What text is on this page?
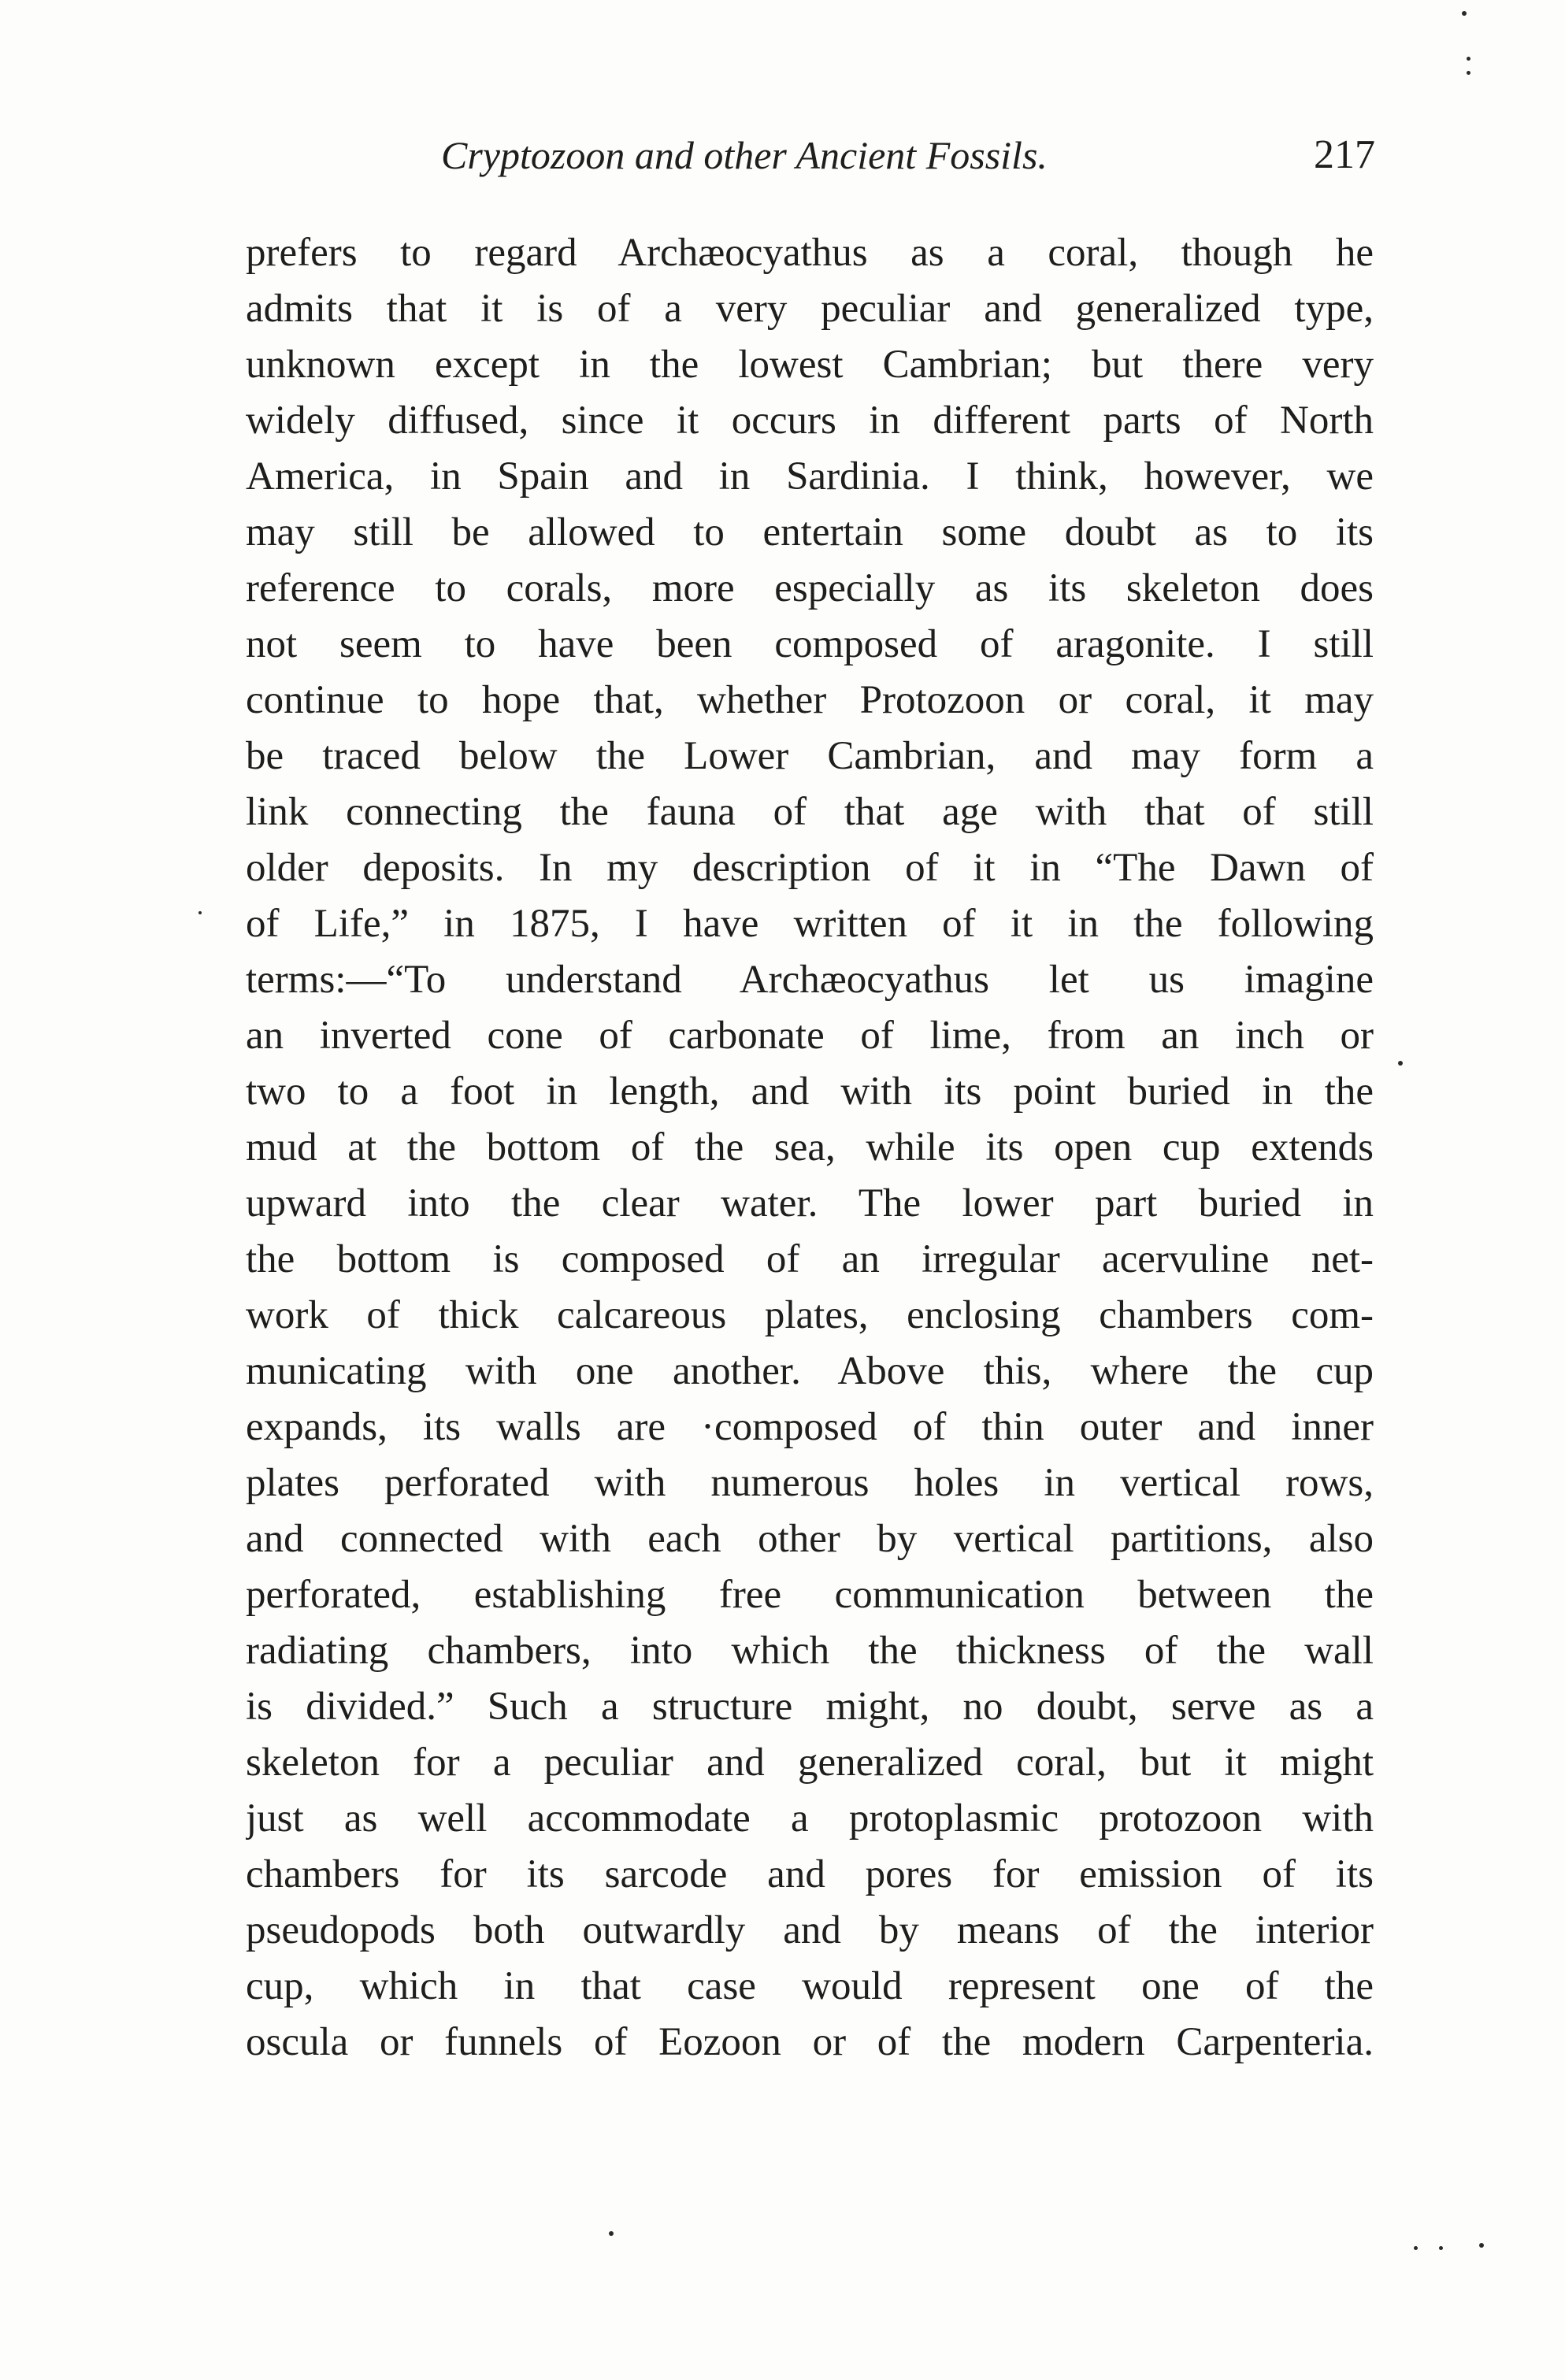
Cryptozoon and other Ancient Fossils.	217
prefers to regard Archæocyathus as a coral, though he
admits that it is of a very peculiar and generalized type,
unknown except in the lowest Cambrian; but there very
widely diffused, since it occurs in different parts of North
America, in Spain and in Sardinia. I think, however, we
may still be allowed to entertain some doubt as to its
reference to corals, more especially as its skeleton does
not seem to have been composed of aragonite. I still
continue to hope that, whether Protozoon or coral, it may
be traced below the Lower Cambrian, and may form a
link connecting the fauna of that age with that of still
older deposits. In my description of it in “The Dawn of
of Life,” in 1875, I have written of it in the following
terms:—“To understand Archæocyathus let us imagine
an inverted cone of carbonate of lime, from an inch or
two to a foot in length, and with its point buried in the
mud at the bottom of the sea, while its open cup extends
upward into the clear water. The lower part buried in
the bottom is composed of an irregular acervuline net-
work of thick calcareous plates, enclosing chambers com-
municating with one another. Above this, where the cup
expands, its walls are ·composed of thin outer and inner
plates perforated with numerous holes in vertical rows,
and connected with each other by vertical partitions, also
perforated, establishing free communication between the
radiating chambers, into which the thickness of the wall
is divided.” Such a structure might, no doubt, serve as a
skeleton for a peculiar and generalized coral, but it might
just as well accommodate a protoplasmic protozoon with
chambers for its sarcode and pores for emission of its
pseudopods both outwardly and by means of the interior
cup, which in that case would represent one of the
oscula or funnels of Eozoon or of the modern Carpenteria.
